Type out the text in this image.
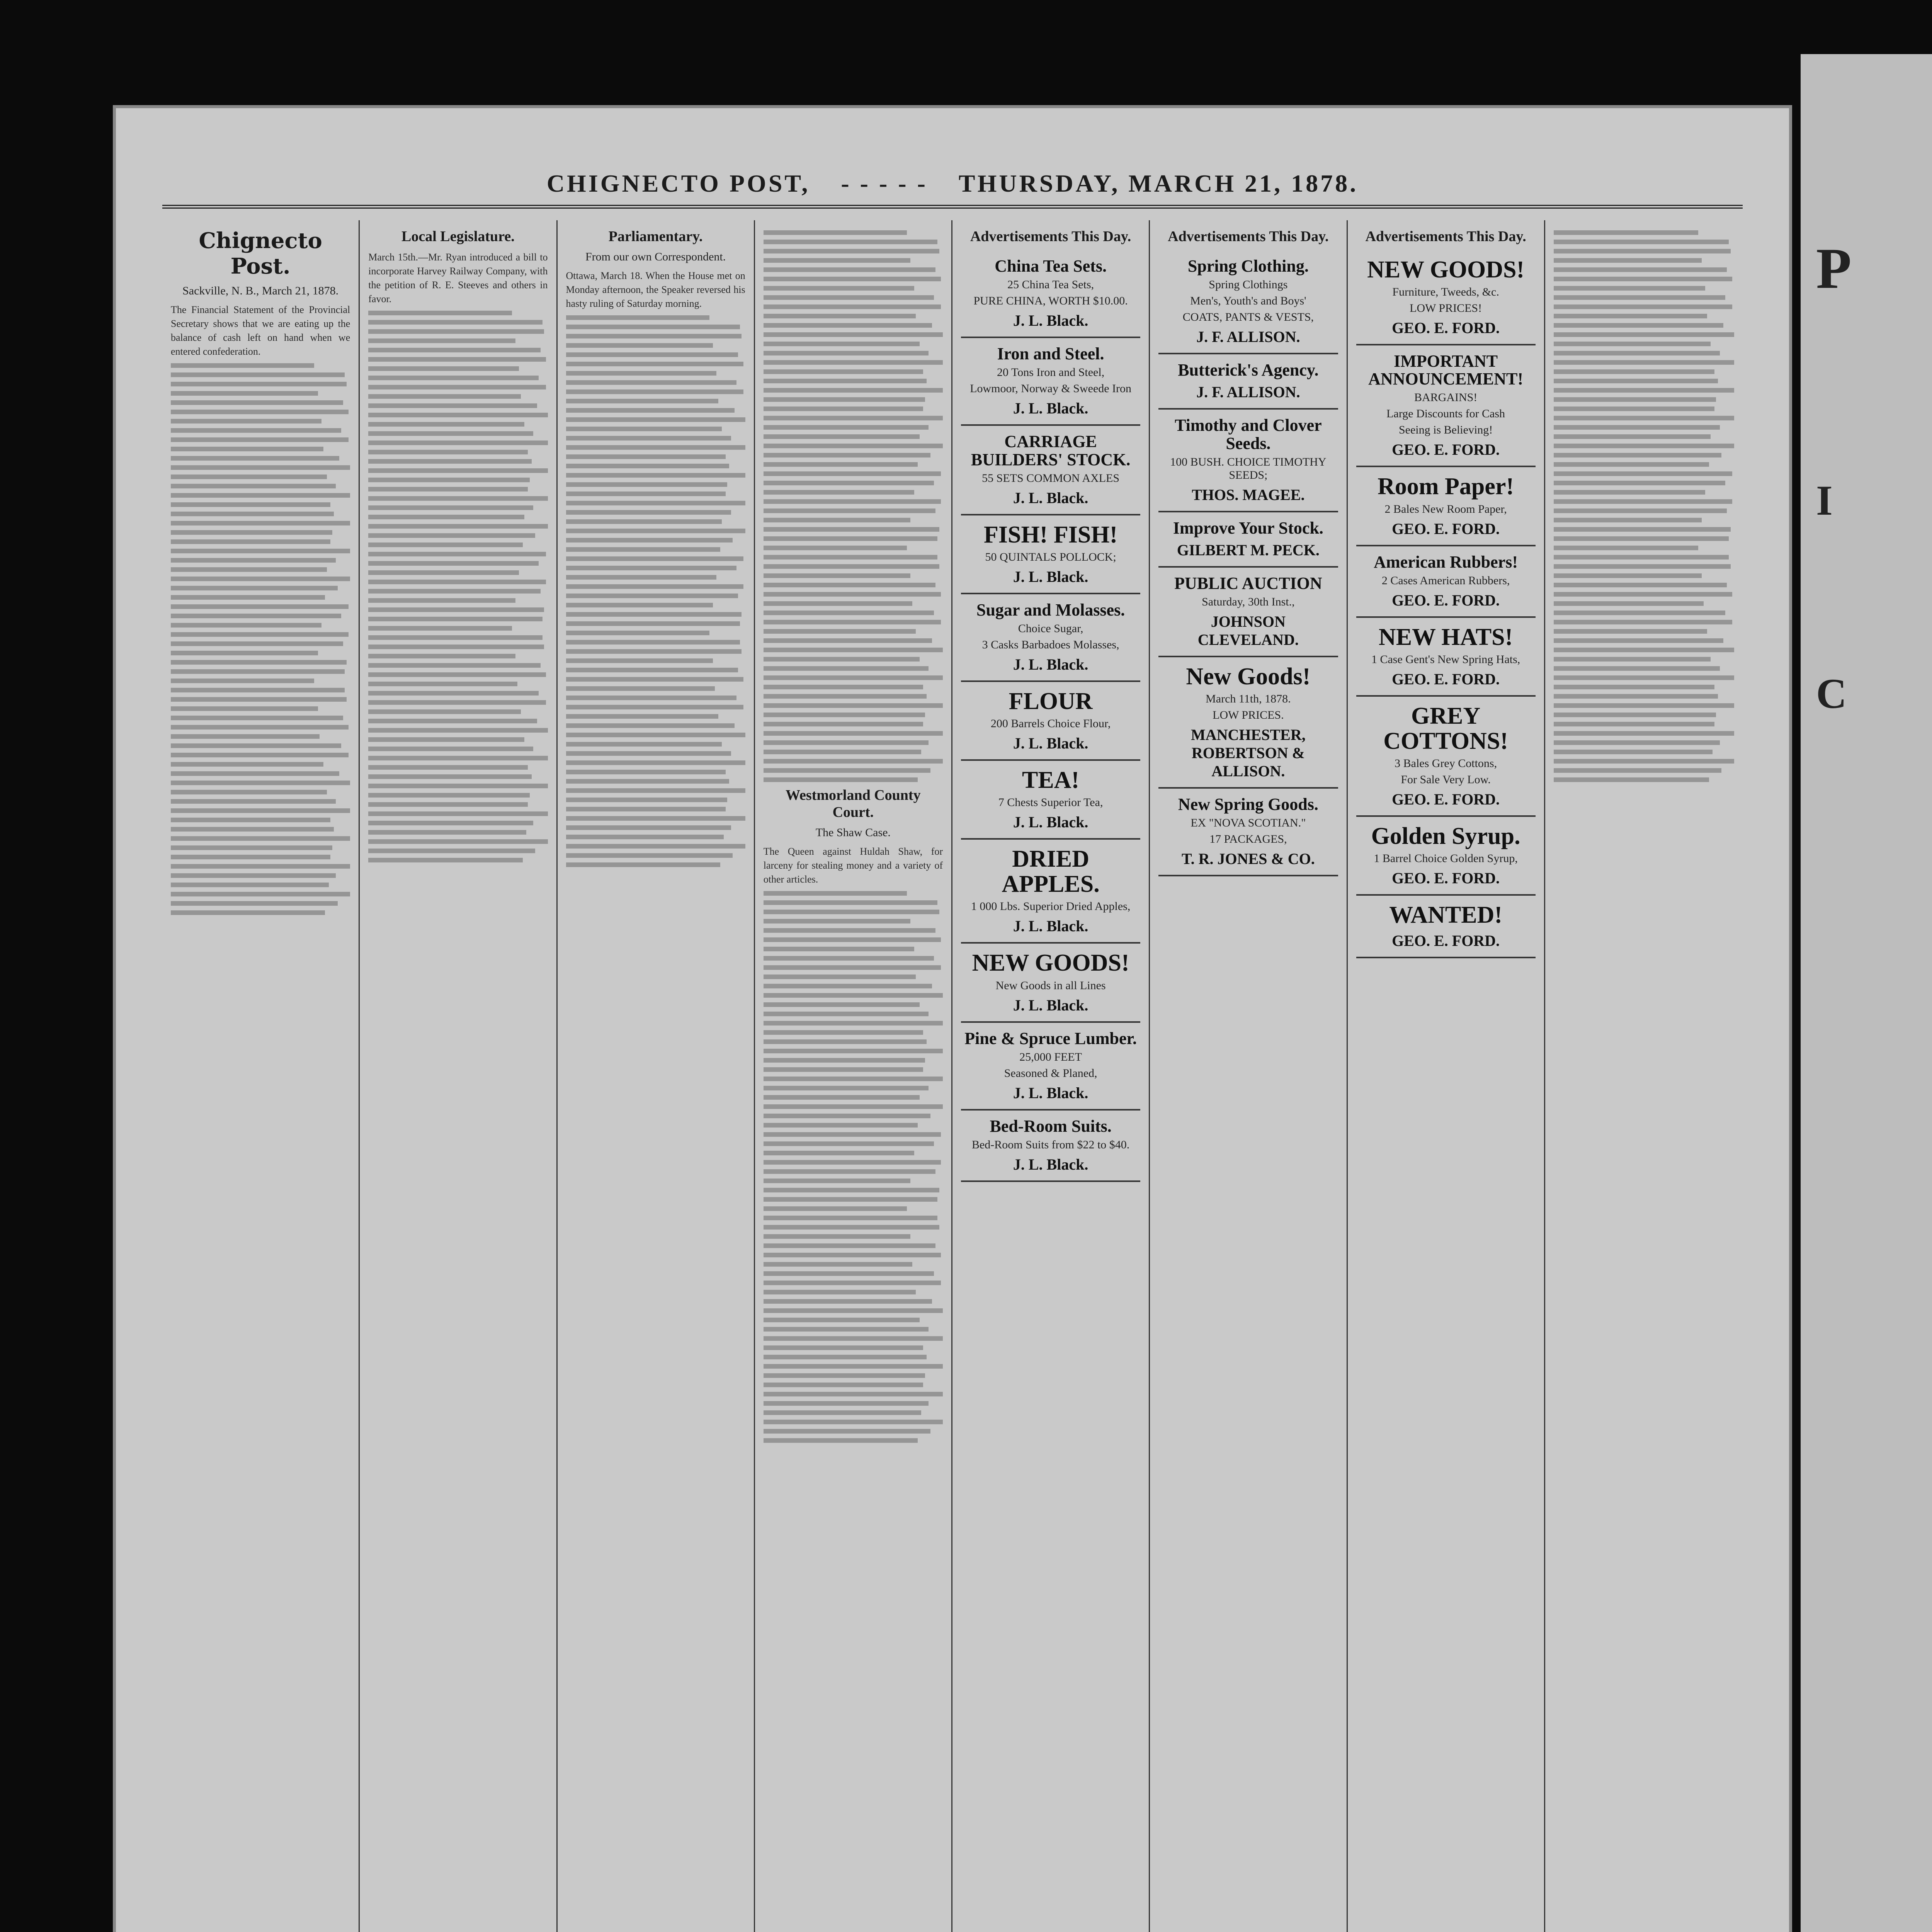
CHIGNECTO POST, - - - - - THURSDAY, MARCH 21, 1878.
Chignecto Post.
Sackville, N. B., March 21, 1878.
The Financial Statement of the Provincial Secretary shows that we are eating up the balance of cash left on hand when we entered confederation.
Local Legislature.
March 15th.—Mr. Ryan introduced a bill to incorporate Harvey Railway Company, with the petition of R. E. Steeves and others in favor.
Parliamentary.
From our own Correspondent.
Ottawa, March 18. When the House met on Monday afternoon, the Speaker reversed his hasty ruling of Saturday morning.
Westmorland County Court.
The Shaw Case.
The Queen against Huldah Shaw, for larceny for stealing money and a variety of other articles.
Advertisements This Day.
China Tea Sets.
25 China Tea Sets,
PURE CHINA, WORTH $10.00.
J. L. Black.
Iron and Steel.
20 Tons Iron and Steel,
Lowmoor, Norway & Sweede Iron
J. L. Black.
CARRIAGE BUILDERS' STOCK.
55 SETS COMMON AXLES
J. L. Black.
FISH! FISH!
50 QUINTALS POLLOCK;
J. L. Black.
Sugar and Molasses.
Choice Sugar,
3 Casks Barbadoes Molasses,
J. L. Black.
FLOUR
200 Barrels Choice Flour,
J. L. Black.
TEA!
7 Chests Superior Tea,
J. L. Black.
DRIED APPLES.
1 000 Lbs. Superior Dried Apples,
J. L. Black.
NEW GOODS!
New Goods in all Lines
J. L. Black.
Pine & Spruce Lumber.
25,000 FEET
Seasoned & Planed,
J. L. Black.
Bed-Room Suits.
Bed-Room Suits from $22 to $40.
J. L. Black.
Advertisements This Day.
Spring Clothing.
Spring Clothings
Men's, Youth's and Boys'
COATS, PANTS & VESTS,
J. F. ALLISON.
Butterick's Agency.
J. F. ALLISON.
Timothy and Clover Seeds.
100 BUSH. CHOICE TIMOTHY SEEDS;
THOS. MAGEE.
Improve Your Stock.
GILBERT M. PECK.
PUBLIC AUCTION
Saturday, 30th Inst.,
JOHNSON CLEVELAND.
New Goods!
March 11th, 1878.
LOW PRICES.
MANCHESTER, ROBERTSON & ALLISON.
New Spring Goods.
EX "NOVA SCOTIAN."
17 PACKAGES,
T. R. JONES & CO.
Advertisements This Day.
NEW GOODS!
Furniture, Tweeds, &c.
LOW PRICES!
GEO. E. FORD.
IMPORTANT ANNOUNCEMENT!
BARGAINS!
Large Discounts for Cash
Seeing is Believing!
GEO. E. FORD.
Room Paper!
2 Bales New Room Paper,
GEO. E. FORD.
American Rubbers!
2 Cases American Rubbers,
GEO. E. FORD.
NEW HATS!
1 Case Gent's New Spring Hats,
GEO. E. FORD.
GREY COTTONS!
3 Bales Grey Cottons,
For Sale Very Low.
GEO. E. FORD.
Golden Syrup.
1 Barrel Choice Golden Syrup,
GEO. E. FORD.
WANTED!
GEO. E. FORD.
P
I
C
